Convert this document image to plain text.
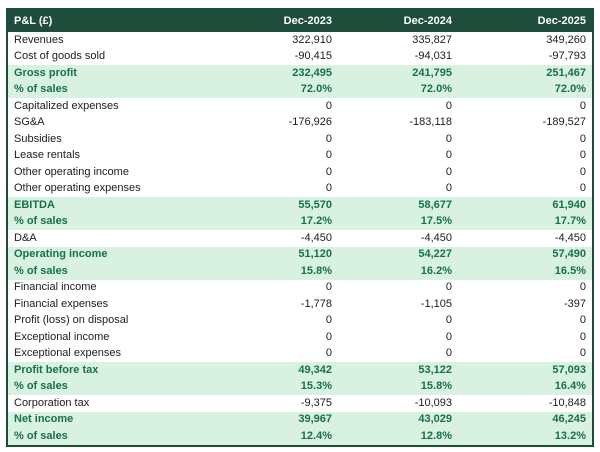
P&L (£)	Dec-2023	Dec-2024	Dec-2025
Revenues	322,910	335,827	349,260
Cost of goods sold	-90,415	-94,031	-97,793
Gross profit	232,495	241,795	251,467
% of sales	72.0%	72.0%	72.0%
Capitalized expenses	0	0	0
SG&A	-176,926	-183,118	-189,527
Subsidies	0	0	0
Lease rentals	0	0	0
Other operating income	0	0	0
Other operating expenses	0	0	0
EBITDA	55,570	58,677	61,940
% of sales	17.2%	17.5%	17.7%
D&A	-4,450	-4,450	-4,450
Operating income	51,120	54,227	57,490
% of sales	15.8%	16.2%	16.5%
Financial income	0	0	0
Financial expenses	-1,778	-1,105	-397
Profit (loss) on disposal	0	0	0
Exceptional income	0	0	0
Exceptional expenses	0	0	0
Profit before tax	49,342	53,122	57,093
% of sales	15.3%	15.8%	16.4%
Corporation tax	-9,375	-10,093	-10,848
Net income	39,967	43,029	46,245
% of sales	12.4%	12.8%	13.2%
